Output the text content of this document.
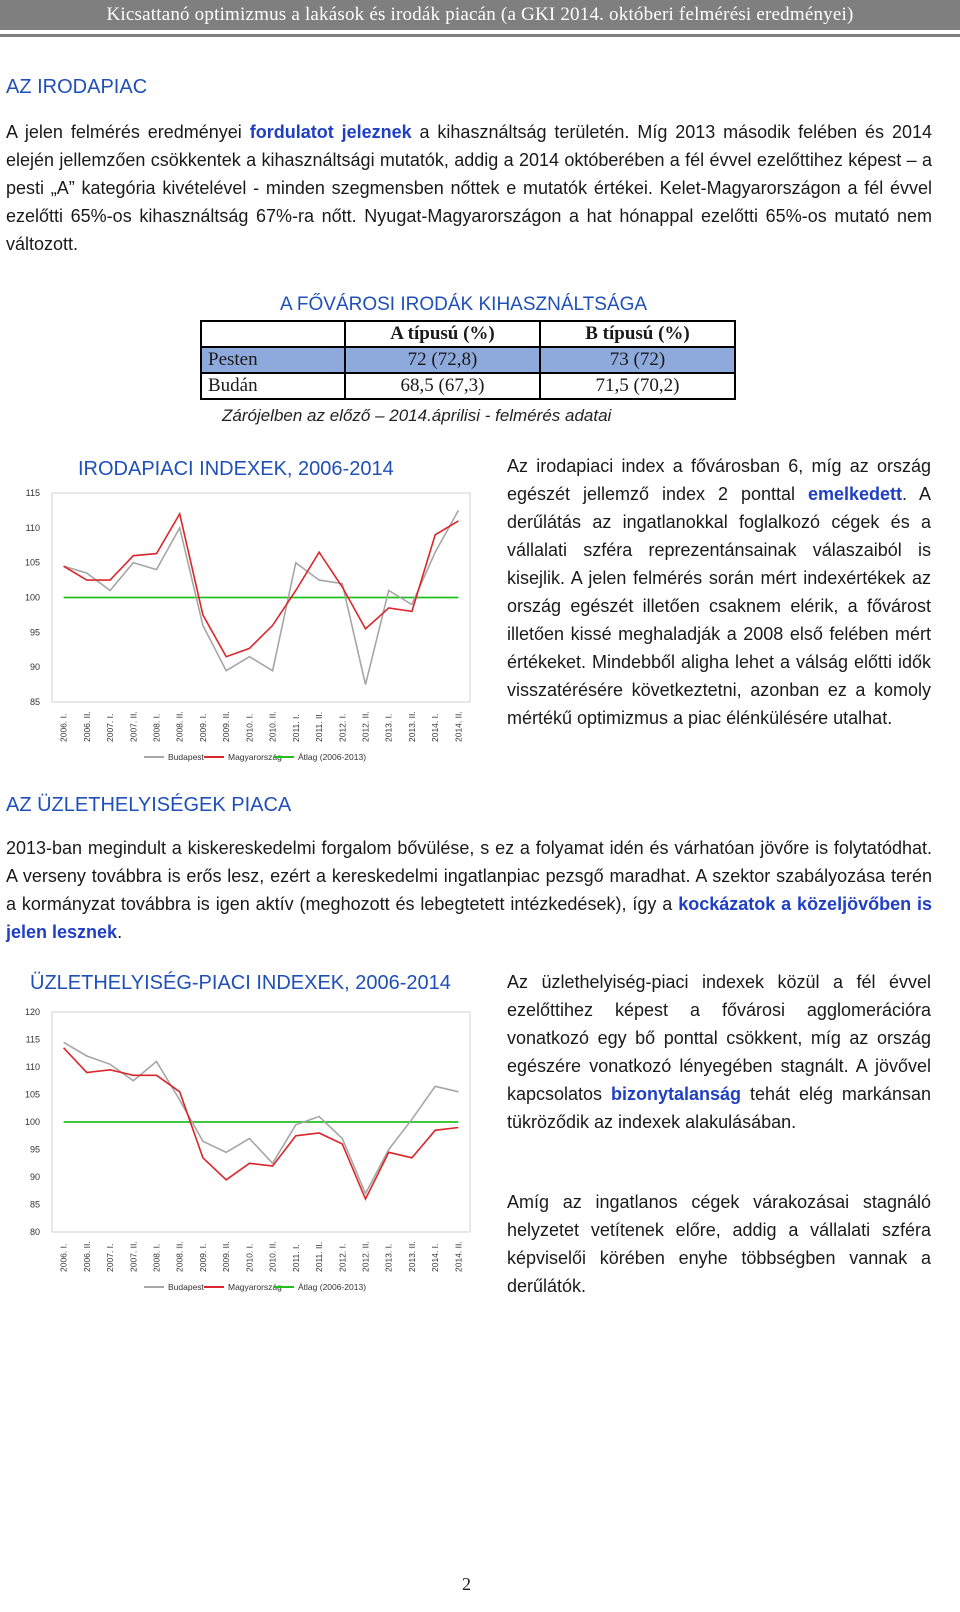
Kicsattanó optimizmus a lakások és irodák piacán (a GKI 2014. októberi felmérési eredményei)
AZ IRODAPIAC
A jelen felmérés eredményei fordulatot jeleznek a kihasználtság területén. Míg 2013 második felében és 2014 elején jellemzően csökkentek a kihasználtsági mutatók, addig a 2014 októberében a fél évvel ezelőttihez képest – a pesti „A” kategória kivételével - minden szegmensben nőttek e mutatók értékei. Kelet-Magyarországon a fél évvel ezelőtti 65%-os kihasználtság 67%-ra nőtt. Nyugat-Magyarországon a hat hónappal ezelőtti 65%-os mutató nem változott.
A FŐVÁROSI IRODÁK KIHASZNÁLTSÁGA
	A típusú (%)	B típusú (%)
Pesten	72 (72,8)	73 (72)
Budán	68,5 (67,3)	71,5 (70,2)
Zárójelben az előző – 2014.áprilisi - felmérés adatai
IRODAPIACI INDEXEK, 2006-2014
85
90
95
100
105
110
115
2006. I. 2006. II. 2007. I. 2007. II. 2008. I. 2008. II. 2009. I. 2009. II. 2010. I. 2010. II. 2011. I. 2011. II. 2012. I. 2012. II. 2013. I. 2013. II. 2014. I. 2014. II.
Budapest	Magyarország Átlag (2006-2013)
Az irodapiaci index a fővárosban 6, míg az ország egészét jellemző index 2 ponttal emelkedett. A derűlátás az ingatlanokkal foglalkozó cégek és a vállalati szféra reprezentánsainak válaszaiból is kisejlik. A jelen felmérés során mért indexértékek az ország egészét illetően csaknem elérik, a fővárost illetően kissé meghaladják a 2008 első felében mért értékeket. Mindebből aligha lehet a válság előtti idők visszatérésére következtetni, azonban ez a komoly mértékű optimizmus a piac élénkülésére utalhat.
AZ ÜZLETHELYISÉGEK PIACA
2013-ban megindult a kiskereskedelmi forgalom bővülése, s ez a folyamat idén és várhatóan jövőre is folytatódhat. A verseny továbbra is erős lesz, ezért a kereskedelmi ingatlanpiac pezsgő maradhat. A szektor szabályozása terén a kormányzat továbbra is igen aktív (meghozott és lebegtetett intézkedések), így a kockázatok a közeljövőben is jelen lesznek.
ÜZLETHELYISÉG-PIACI INDEXEK, 2006-2014
80
85
90
95
100
105
110
115
120
2006. I. 2006. II. 2007. I. 2007. II. 2008. I. 2008. II. 2009. I. 2009. II. 2010. I. 2010. II. 2011. I. 2011. II. 2012. I. 2012. II. 2013. I. 2013. II. 2014. I. 2014. II.
Budapest	Magyarország Átlag (2006-2013)
Az üzlethelyiség-piaci indexek közül a fél évvel ezelőttihez képest a fővárosi agglomerációra vonatkozó egy bő ponttal csökkent, míg az ország egészére vonatkozó lényegében stagnált. A jövővel kapcsolatos bizonytalanság tehát elég markánsan tükröződik az indexek alakulásában.
Amíg az ingatlanos cégek várakozásai stagnáló helyzetet vetítenek előre, addig a vállalati szféra képviselői körében enyhe többségben vannak a derűlátók.
2
